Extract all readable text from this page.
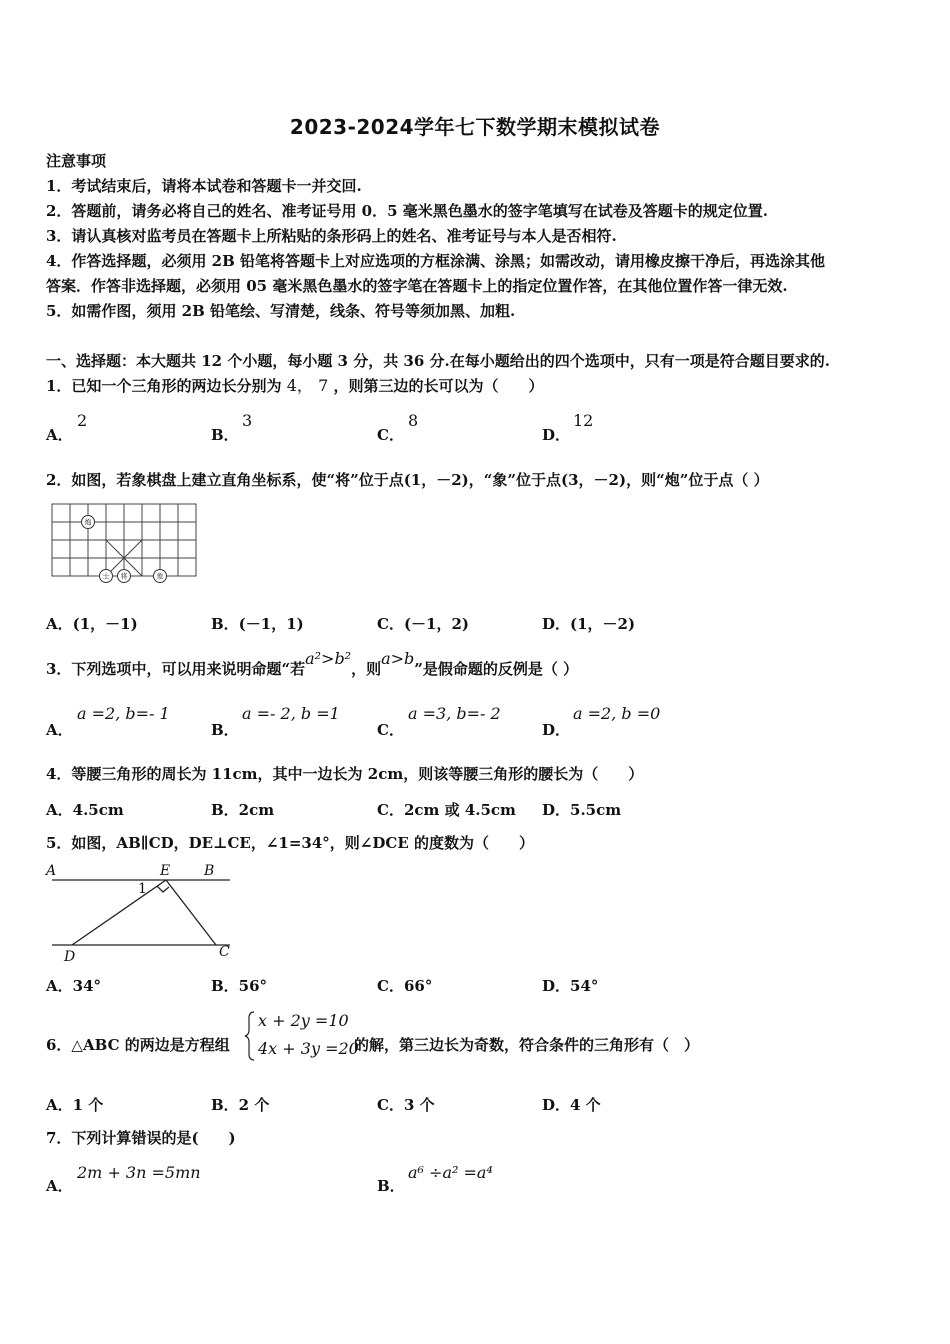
2023-2024学年七下数学期末模拟试卷
注意事项
1．考试结束后，请将本试卷和答题卡一并交回.
2．答题前，请务必将自己的姓名、准考证号用 0．5 毫米黑色墨水的签字笔填写在试卷及答题卡的规定位置.
3．请认真核对监考员在答题卡上所粘贴的条形码上的姓名、准考证号与本人是否相符.
4．作答选择题，必须用 2B 铅笔将答题卡上对应选项的方框涂满、涂黑；如需改动，请用橡皮擦干净后，再选涂其他
答案．作答非选择题，必须用 05 毫米黑色墨水的签字笔在答题卡上的指定位置作答，在其他位置作答一律无效.
5．如需作图，须用 2B 铅笔绘、写清楚，线条、符号等须加黑、加粗.
一、选择题：本大题共 12 个小题，每小题 3 分，共 36 分.在每小题给出的四个选项中，只有一项是符合题目要求的.
1．已知一个三角形的两边长分别为 4， 7 ，则第三边的长可以为（　　）
A．
2
B．
3
C．
8
D．
12
2．如图，若象棋盘上建立直角坐标系，使“将”位于点(1，－2)，“象”位于点(3，－2)，则“炮”位于点（ ）
炮
士 将	象
A．(1，－1)	B．(－1，1)	C．(－1，2)	D．(1，－2)
3．下列选项中，可以用来说明命题“若a²>b²，则a>b”是假命题的反例是（ ）
A．
a =2, b=- 1
B．
a =- 2, b =1
C．
a =3, b=- 2
D．
a =2, b =0
4．等腰三角形的周长为 11cm，其中一边长为 2cm，则该等腰三角形的腰长为（　　）
A．4.5cm	B．2cm	C．2cm 或 4.5cm D．5.5cm
5．如图，AB∥CD，DE⊥CE，∠1=34°，则∠DCE 的度数为（　　）
A	E B
1
D	C
A．34°	B．56°	C．66°	D．54°
6．△ABC 的两边是方程组
x + 2y =10
4x + 3y =20
的解，第三边长为奇数，符合条件的三角形有（　）
A．1 个	B．2 个	C．3 个	D．4 个
7．下列计算错误的是(　　)
A．
2m + 3n =5mn
B．
a⁶ ÷a² =a⁴
